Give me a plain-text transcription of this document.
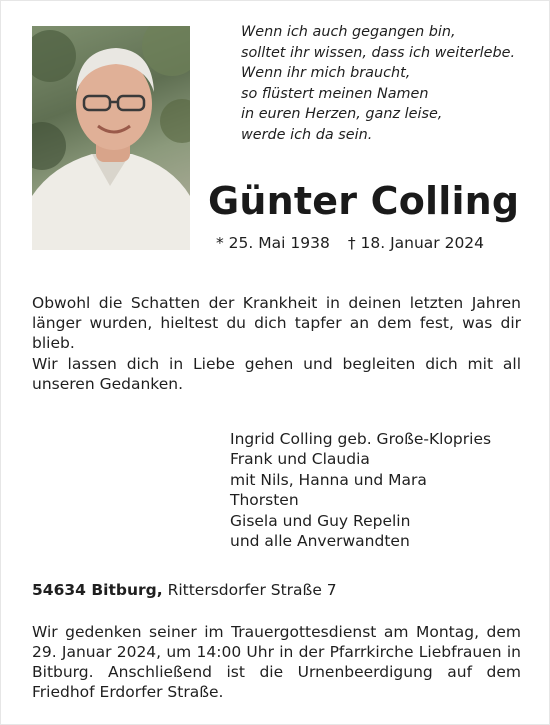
Wenn ich auch gegangen bin,
solltet ihr wissen, dass ich weiterlebe.
Wenn ihr mich braucht,
so flüstert meinen Namen
in euren Herzen, ganz leise,
werde ich da sein.
Günter Colling
* 25. Mai 1938 † 18. Januar 2024
Obwohl die Schatten der Krankheit in deinen letzten Jahren länger wurden, hieltest du dich tapfer an dem fest, was dir blieb.
Wir lassen dich in Liebe gehen und begleiten dich mit all unseren Gedanken.
Ingrid Colling geb. Große-Klopries
Frank und Claudia
mit Nils, Hanna und Mara
Thorsten
Gisela und Guy Repelin
und alle Anverwandten
54634 Bitburg, Rittersdorfer Straße 7
Wir gedenken seiner im Trauergottesdienst am Montag, dem 29. Januar 2024, um 14:00 Uhr in der Pfarrkirche Liebfrauen in Bitburg. Anschließend ist die Urnenbeerdigung auf dem Friedhof Erdorfer Straße.
